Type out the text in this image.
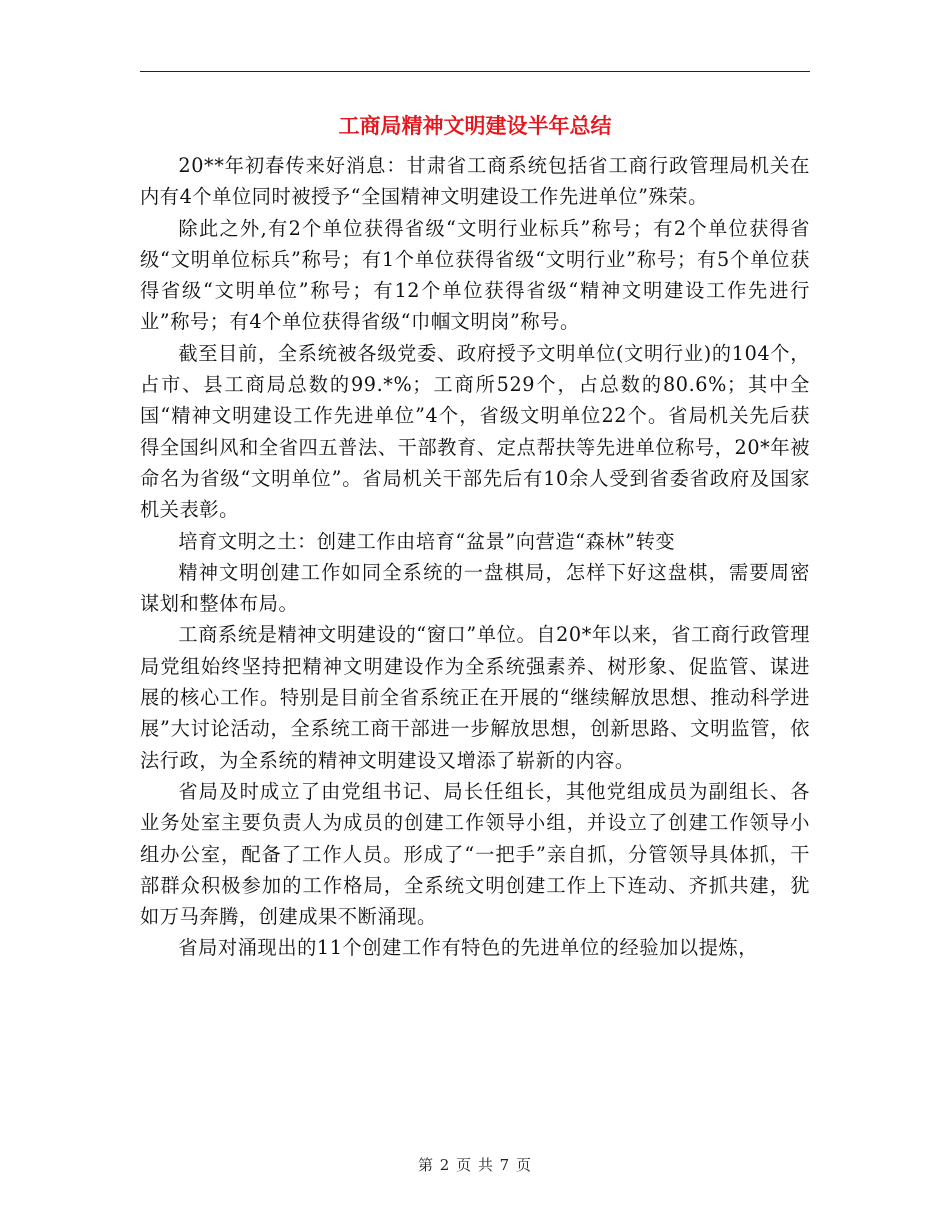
工商局精神文明建设半年总结

20**年初春传来好消息：甘肃省工商系统包括省工商行政管理局机关在内有4个单位同时被授予“全国精神文明建设工作先进单位”殊荣。

除此之外,有2个单位获得省级“文明行业标兵”称号；有2个单位获得省级“文明单位标兵”称号；有1个单位获得省级“文明行业”称号；有5个单位获得省级“文明单位”称号；有12个单位获得省级“精神文明建设工作先进行业”称号；有4个单位获得省级“巾帼文明岗”称号。

截至目前，全系统被各级党委、政府授予文明单位(文明行业)的104个，占市、县工商局总数的99.*%；工商所529个，占总数的80.6%；其中全国“精神文明建设工作先进单位”4个，省级文明单位22个。省局机关先后获得全国纠风和全省四五普法、干部教育、定点帮扶等先进单位称号，20*年被命名为省级“文明单位”。省局机关干部先后有10余人受到省委省政府及国家机关表彰。

培育文明之土：创建工作由培育“盆景”向营造“森林”转变

精神文明创建工作如同全系统的一盘棋局，怎样下好这盘棋，需要周密谋划和整体布局。

工商系统是精神文明建设的“窗口”单位。自20*年以来，省工商行政管理局党组始终坚持把精神文明建设作为全系统强素养、树形象、促监管、谋进展的核心工作。特别是目前全省系统正在开展的“继续解放思想、推动科学进展”大讨论活动，全系统工商干部进一步解放思想，创新思路、文明监管，依法行政，为全系统的精神文明建设又增添了崭新的内容。

省局及时成立了由党组书记、局长任组长，其他党组成员为副组长、各业务处室主要负责人为成员的创建工作领导小组，并设立了创建工作领导小组办公室，配备了工作人员。形成了“一把手”亲自抓，分管领导具体抓，干部群众积极参加的工作格局，全系统文明创建工作上下连动、齐抓共建，犹如万马奔腾，创建成果不断涌现。

省局对涌现出的11个创建工作有特色的先进单位的经验加以提炼，

第 2 页 共 7 页
